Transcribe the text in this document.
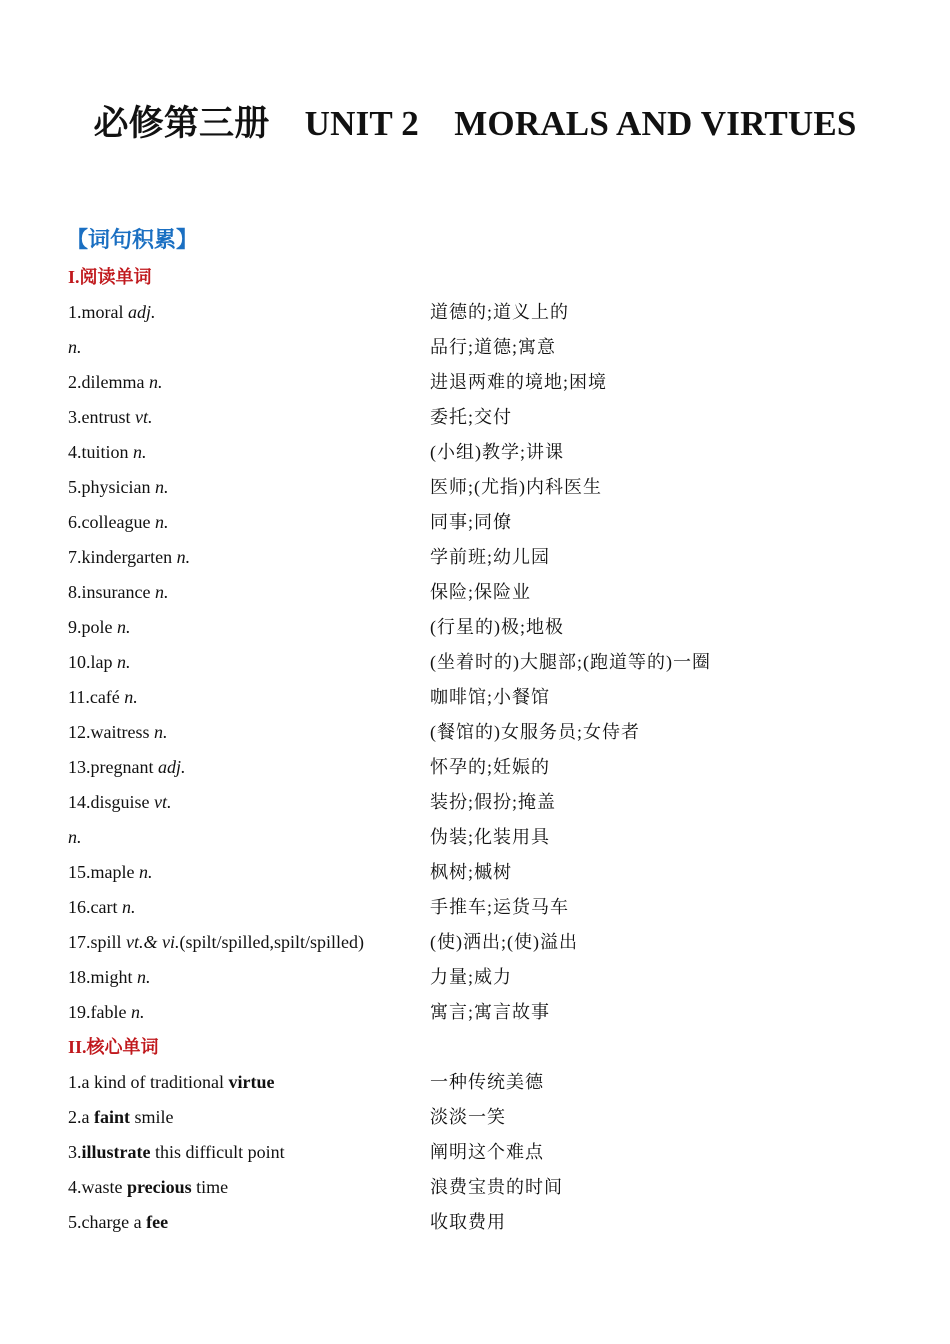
必修第三册　UNIT 2　MORALS AND VIRTUES
【词句积累】
I.阅读单词
1.moral adj.	道德的;道义上的
n.	品行;道德;寓意
2.dilemma n.	进退两难的境地;困境
3.entrust vt.	委托;交付
4.tuition n.	(小组)教学;讲课
5.physician n.	医师;(尤指)内科医生
6.colleague n.	同事;同僚
7.kindergarten n.	学前班;幼儿园
8.insurance n.	保险;保险业
9.pole n.	(行星的)极;地极
10.lap n.	(坐着时的)大腿部;(跑道等的)一圈
11.café n.	咖啡馆;小餐馆
12.waitress n.	(餐馆的)女服务员;女侍者
13.pregnant adj.	怀孕的;妊娠的
14.disguise vt.	装扮;假扮;掩盖
n.	伪装;化装用具
15.maple n.	枫树;槭树
16.cart n.	手推车;运货马车
17.spill vt.& vi.(spilt/spilled,spilt/spilled)	(使)洒出;(使)溢出
18.might n.	力量;威力
19.fable n.	寓言;寓言故事
II.核心单词
1.a kind of traditional virtue	一种传统美德
2.a faint smile	淡淡一笑
3.illustrate this difficult point	阐明这个难点
4.waste precious time	浪费宝贵的时间
5.charge a fee	收取费用
